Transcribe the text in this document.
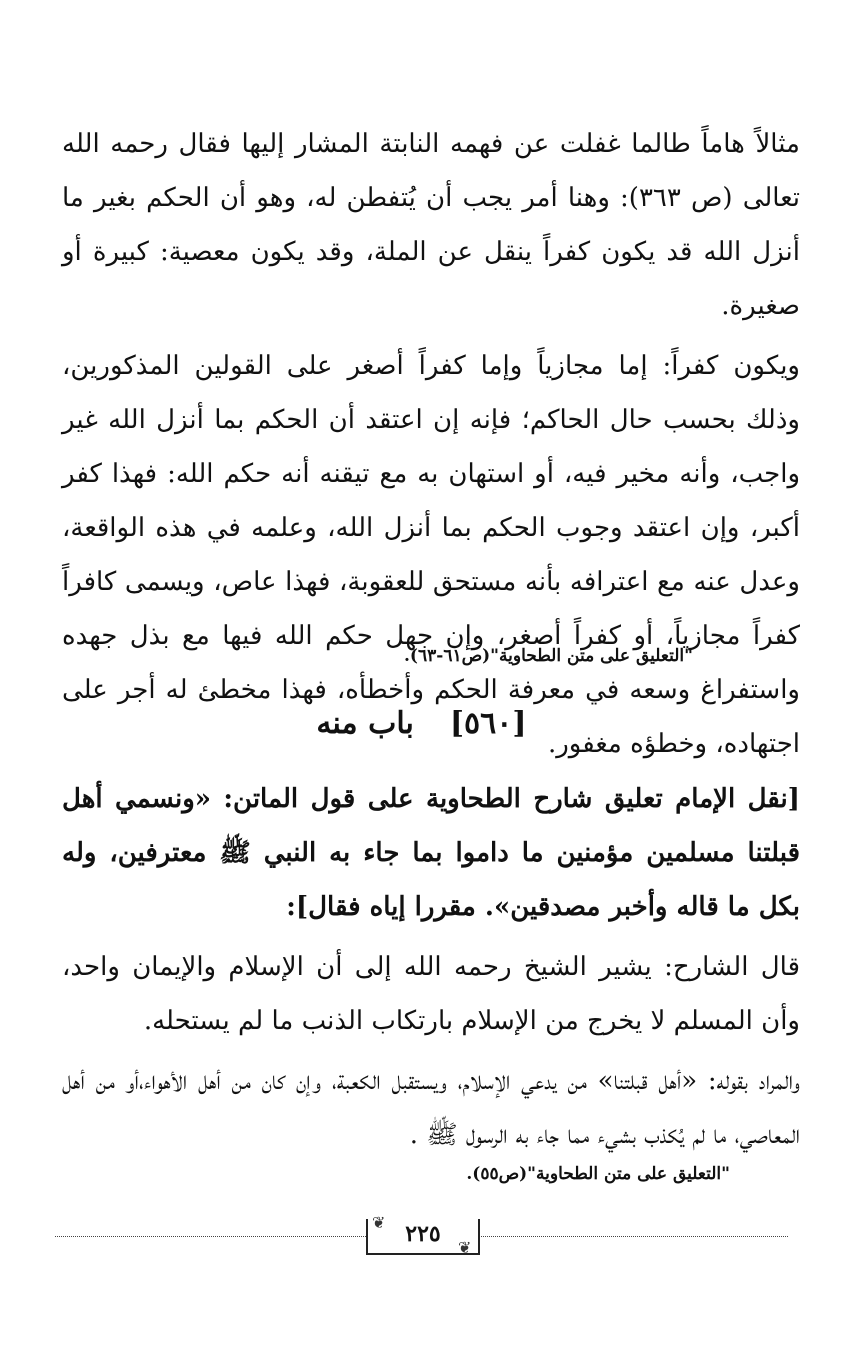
مثالاً هاماً طالما غفلت عن فهمه النابتة المشار إليها فقال رحمه الله تعالى (ص ٣٦٣): وهنا أمر يجب أن يُتفطن له، وهو أن الحكم بغير ما أنزل الله قد يكون كفراً ينقل عن الملة، وقد يكون معصية: كبيرة أو صغيرة.

ويكون كفراً: إما مجازياً وإما كفراً أصغر على القولين المذكورين، وذلك بحسب حال الحاكم؛ فإنه إن اعتقد أن الحكم بما أنزل الله غير واجب، وأنه مخير فيه، أو استهان به مع تيقنه أنه حكم الله: فهذا كفر أكبر، وإن اعتقد وجوب الحكم بما أنزل الله، وعلمه في هذه الواقعة، وعدل عنه مع اعترافه بأنه مستحق للعقوبة، فهذا عاص، ويسمى كافراً كفراً مجازياً، أو كفراً أصغر، وإن جهل حكم الله فيها مع بذل جهده واستفراغ وسعه في معرفة الحكم وأخطأه، فهذا مخطئ له أجر على اجتهاده، وخطؤه مغفور.

"التعليق على متن الطحاوية"(ص٦١-٦٣).
[٥٦٠]باب منه

[نقل الإمام تعليق شارح الطحاوية على قول الماتن: «ونسمي أهل قبلتنا مسلمين مؤمنين ما داموا بما جاء به النبي ﷺ معترفين، وله بكل ما قاله وأخبر مصدقين». مقررا إياه فقال]:

قال الشارح: يشير الشيخ رحمه الله إلى أن الإسلام والإيمان واحد، وأن المسلم لا يخرج من الإسلام بارتكاب الذنب ما لم يستحله.

والمراد بقوله: «أهل قبلتنا» من يدعي الإسلام، ويستقبل الكعبة، وإن كان من أهل الأهواء،أو من أهل المعاصي، ما لم يُكذب بشيء مما جاء به الرسول ﷺ .

"التعليق على متن الطحاوية"(ص٥٥).
٢٢٥
❦
❦
